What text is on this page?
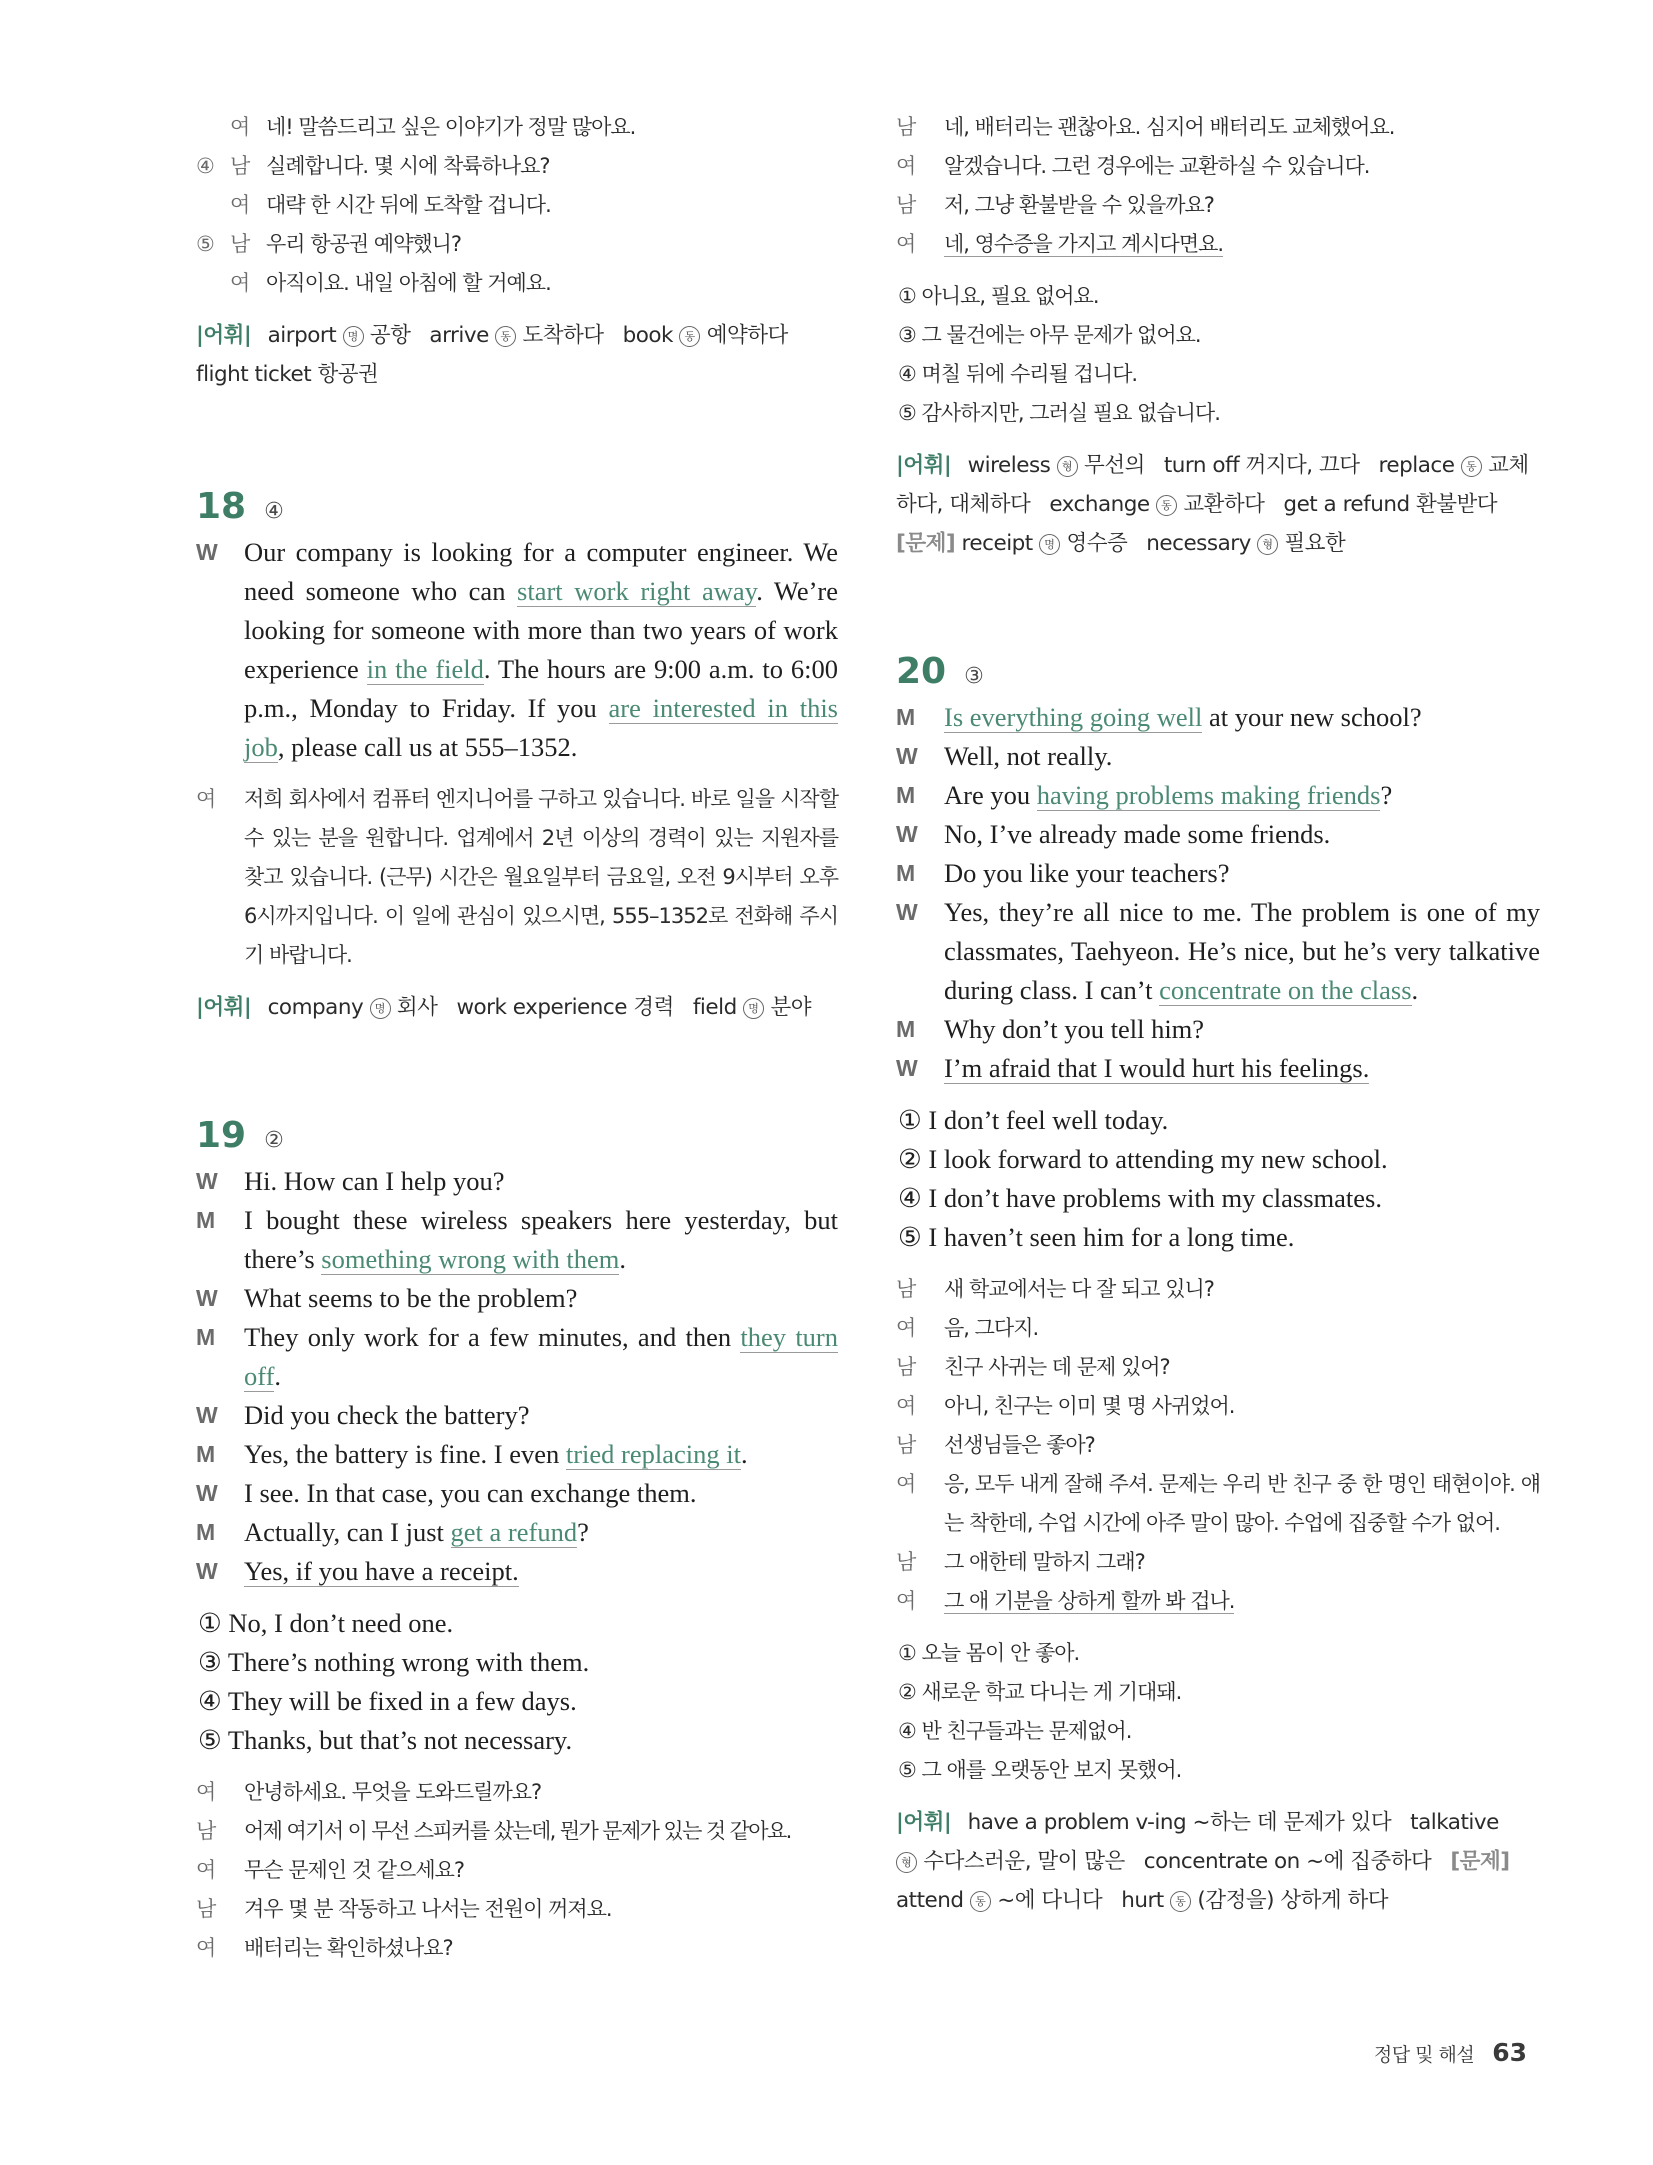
여 네! 말씀드리고 싶은 이야기가 정말 많아요.
④ 남 실례합니다. 몇 시에 착륙하나요?
여 대략 한 시간 뒤에 도착할 겁니다.
⑤ 남 우리 항공권 예약했니?
여 아직이요. 내일 아침에 할 거예요.
|어휘| airport 명 공항 arrive 동 도착하다 book 동 예약하다 flight ticket 항공권
18 ④
W Our company is looking for a computer engineer. We need someone who can start work right away. We’re looking for someone with more than two years of work experience in the field. The hours are 9:00 a.m. to 6:00 p.m., Monday to Friday. If you are interested in this job, please call us at 555–1352.
여	저희 회사에서 컴퓨터 엔지니어를 구하고 있습니다. 바로 일을 시작할 수 있는 분을 원합니다. 업계에서 2년 이상의 경력이 있는 지원자를 찾고 있습니다. (근무) 시간은 월요일부터 금요일, 오전 9시부터 오후 6시까지입니다. 이 일에 관심이 있으시면, 555–1352로 전화해 주시기 바랍니다.
|어휘| company 명 회사 work experience 경력 field 명 분야
19 ②
W Hi. How can I help you?
M	I bought these wireless speakers here yesterday, but there’s something wrong with them.
W What seems to be the problem?
M	They only work for a few minutes, and then they turn off.
W Did you check the battery?
M	Yes, the battery is fine. I even tried replacing it.
W I see. In that case, you can exchange them.
M	Actually, can I just get a refund?
W Yes, if you have a receipt.
① No, I don’t need one.
③ There’s nothing wrong with them.
④ They will be fixed in a few days.
⑤ Thanks, but that’s not necessary.
여	안녕하세요. 무엇을 도와드릴까요?
남	어제 여기서 이 무선 스피커를 샀는데, 뭔가 문제가 있는 것 같아요.
여	무슨 문제인 것 같으세요?
남	겨우 몇 분 작동하고 나서는 전원이 꺼져요.
여	배터리는 확인하셨나요?
남	네, 배터리는 괜찮아요. 심지어 배터리도 교체했어요.
여	알겠습니다. 그런 경우에는 교환하실 수 있습니다.
남	저, 그냥 환불받을 수 있을까요?
여	네, 영수증을 가지고 계시다면요.
① 아니요, 필요 없어요.
③ 그 물건에는 아무 문제가 없어요.
④ 며칠 뒤에 수리될 겁니다.
⑤ 감사하지만, 그러실 필요 없습니다.
|어휘| wireless 형 무선의 turn off 꺼지다, 끄다 replace 동 교체하다, 대체하다 exchange 동 교환하다 get a refund 환불받다
[문제] receipt 명 영수증 necessary 형 필요한
20 ③
M	Is everything going well at your new school?
W Well, not really.
M	Are you having problems making friends?
W No, I’ve already made some friends.
M	Do you like your teachers?
W Yes, they’re all nice to me. The problem is one of my classmates, Taehyeon. He’s nice, but he’s very talkative during class. I can’t concentrate on the class.
M	Why don’t you tell him?
W I’m afraid that I would hurt his feelings.
① I don’t feel well today.
② I look forward to attending my new school.
④ I don’t have problems with my classmates.
⑤ I haven’t seen him for a long time.
남	새 학교에서는 다 잘 되고 있니?
여	음, 그다지.
남	친구 사귀는 데 문제 있어?
여	아니, 친구는 이미 몇 명 사귀었어.
남	선생님들은 좋아?
여	응, 모두 내게 잘해 주셔. 문제는 우리 반 친구 중 한 명인 태현이야. 얘는 착한데, 수업 시간에 아주 말이 많아. 수업에 집중할 수가 없어.
남	그 애한테 말하지 그래?
여	그 애 기분을 상하게 할까 봐 겁나.
① 오늘 몸이 안 좋아.
② 새로운 학교 다니는 게 기대돼.
④ 반 친구들과는 문제없어.
⑤ 그 애를 오랫동안 보지 못했어.
|어휘| have a problem v-ing ~하는 데 문제가 있다 talkative
형 수다스러운, 말이 많은 concentrate on ~에 집중하다 [문제]
attend 동 ~에 다니다 hurt 동 (감정을) 상하게 하다
정답 및 해설 63
